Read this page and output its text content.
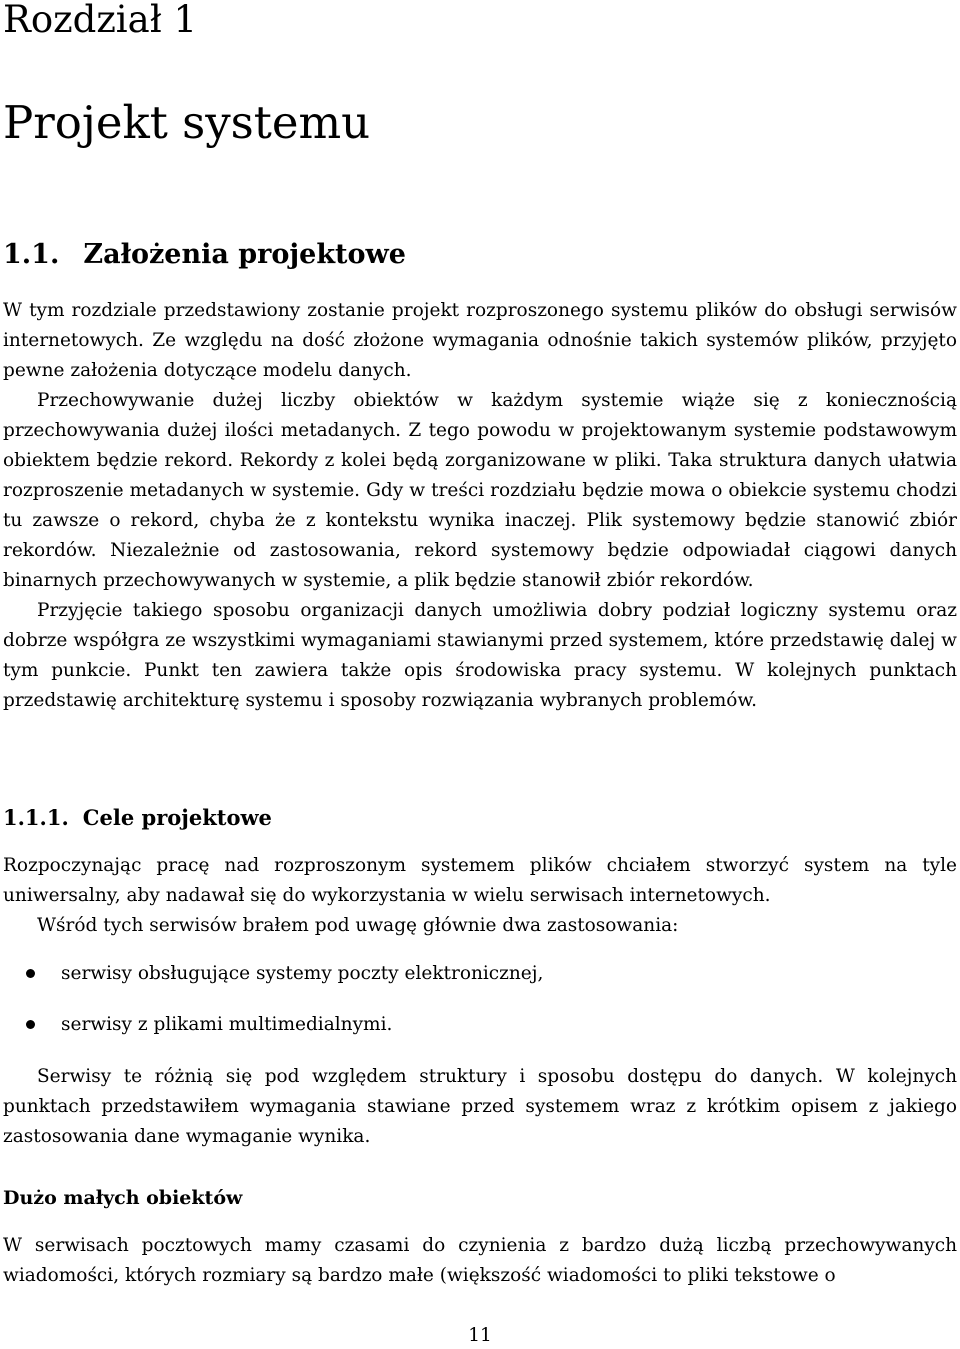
Rozdział 1
Projekt systemu
1.1. Założenia projektowe

W tym rozdziale przedstawiony zostanie projekt rozproszonego systemu plików do obsługi serwisów internetowych. Ze względu na dość złożone wymagania odnośnie takich systemów plików, przyjęto pewne założenia dotyczące modelu danych.

Przechowywanie dużej liczby obiektów w każdym systemie wiąże się z koniecznością przechowywania dużej ilości metadanych. Z tego powodu w projektowanym systemie podstawowym obiektem będzie rekord. Rekordy z kolei będą zorganizowane w pliki. Taka struktura danych ułatwia rozproszenie metadanych w systemie. Gdy w treści rozdziału będzie mowa o obiekcie systemu chodzi tu zawsze o rekord, chyba że z kontekstu wynika inaczej. Plik systemowy będzie stanowić zbiór rekordów. Niezależnie od zastosowania, rekord systemowy będzie odpowiadał ciągowi danych binarnych przechowywanych w systemie, a plik będzie stanowił zbiór rekordów.

Przyjęcie takiego sposobu organizacji danych umożliwia dobry podział logiczny systemu oraz dobrze współgra ze wszystkimi wymaganiami stawianymi przed systemem, które przedstawię dalej w tym punkcie. Punkt ten zawiera także opis środowiska pracy systemu. W kolejnych punktach przedstawię architekturę systemu i sposoby rozwiązania wybranych problemów.

1.1.1. Cele projektowe

Rozpoczynając pracę nad rozproszonym systemem plików chciałem stworzyć system na tyle uniwersalny, aby nadawał się do wykorzystania w wielu serwisach internetowych.

Wśród tych serwisów brałem pod uwagę głównie dwa zastosowania:

serwisy obsługujące systemy poczty elektronicznej,
serwisy z plikami multimedialnymi.

Serwisy te różnią się pod względem struktury i sposobu dostępu do danych. W kolejnych punktach przedstawiłem wymagania stawiane przed systemem wraz z krótkim opisem z jakiego zastosowania dane wymaganie wynika.

Dużo małych obiektów

W serwisach pocztowych mamy czasami do czynienia z bardzo dużą liczbą przechowywanych wiadomości, których rozmiary są bardzo małe (większość wiadomości to pliki tekstowe o

11
